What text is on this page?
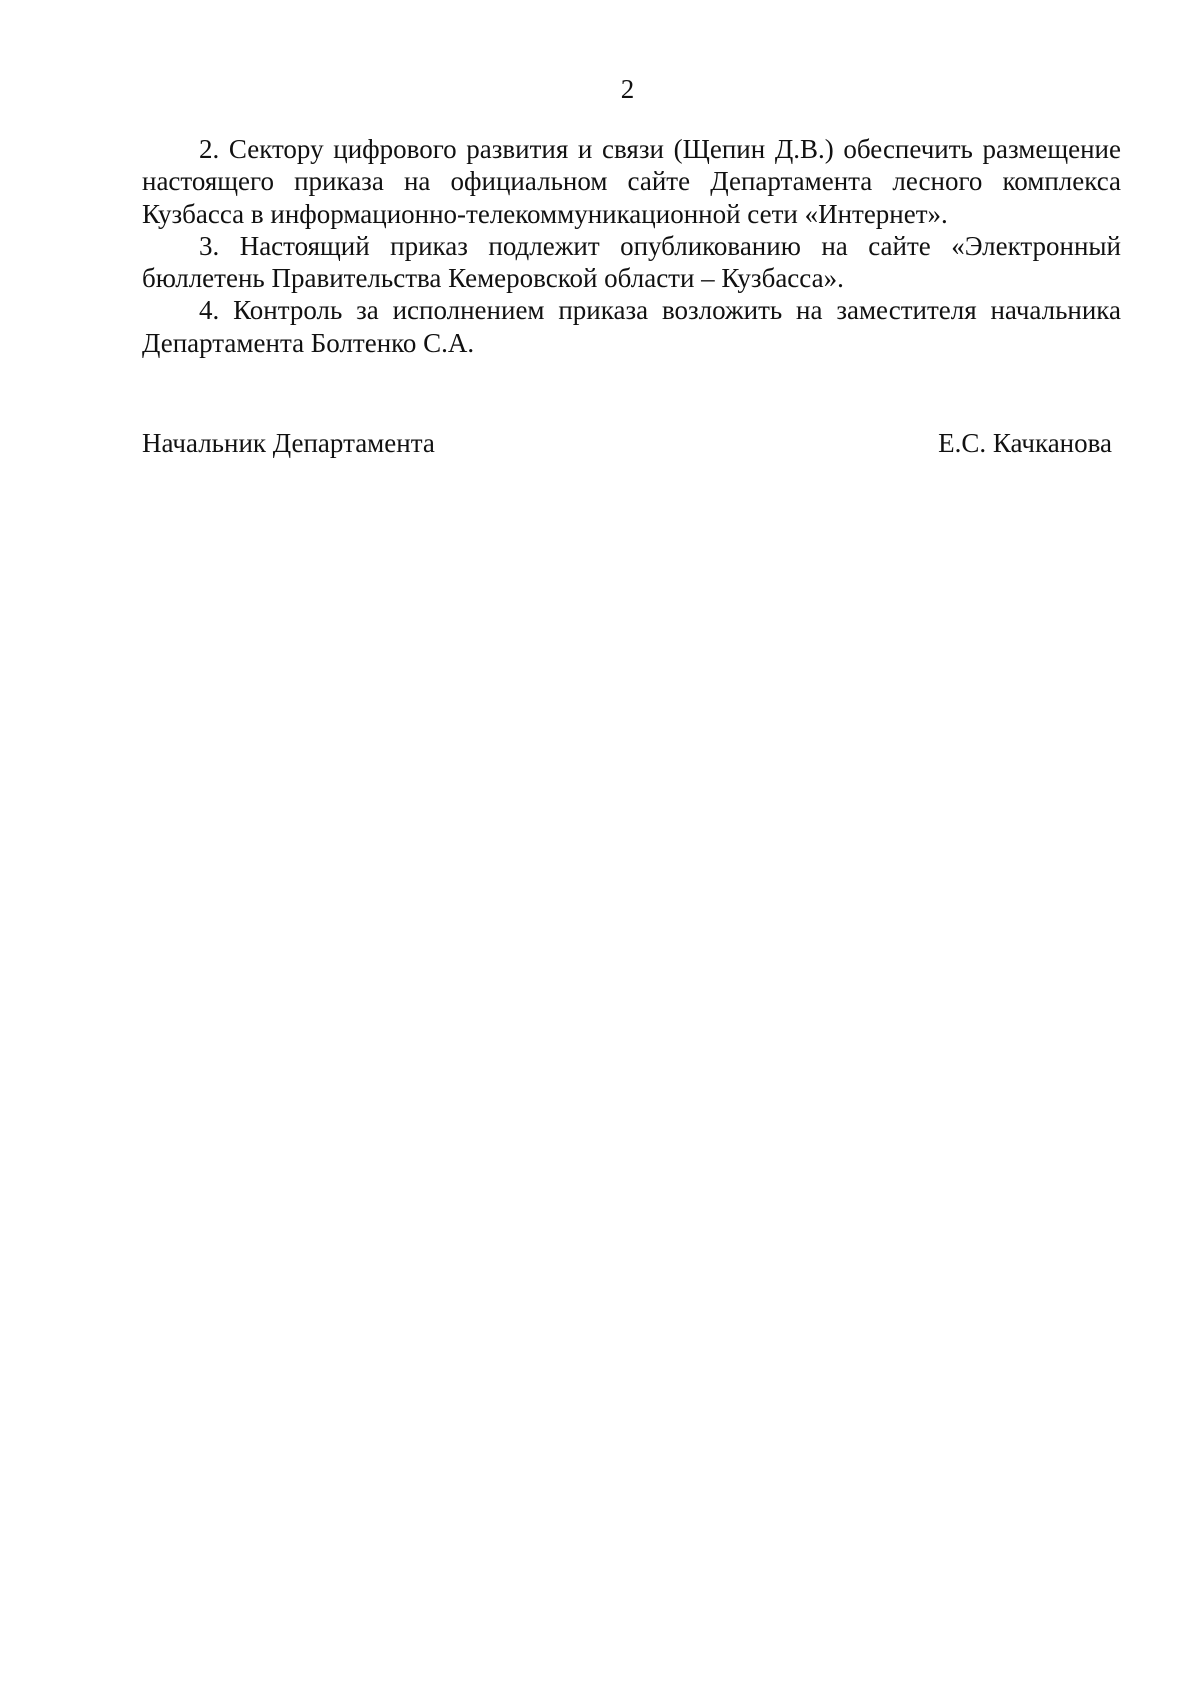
2

2. Сектору цифрового развития и связи (Щепин Д.В.) обеспечить размещение настоящего приказа на официальном сайте Департамента лесного комплекса Кузбасса в информационно-телекоммуникационной сети «Интернет».

3. Настоящий приказ подлежит опубликованию на сайте «Электронный бюллетень Правительства Кемеровской области – Кузбасса».

4. Контроль за исполнением приказа возложить на заместителя начальника Департамента Болтенко С.А.

Начальник Департамента	Е.С. Качканова
